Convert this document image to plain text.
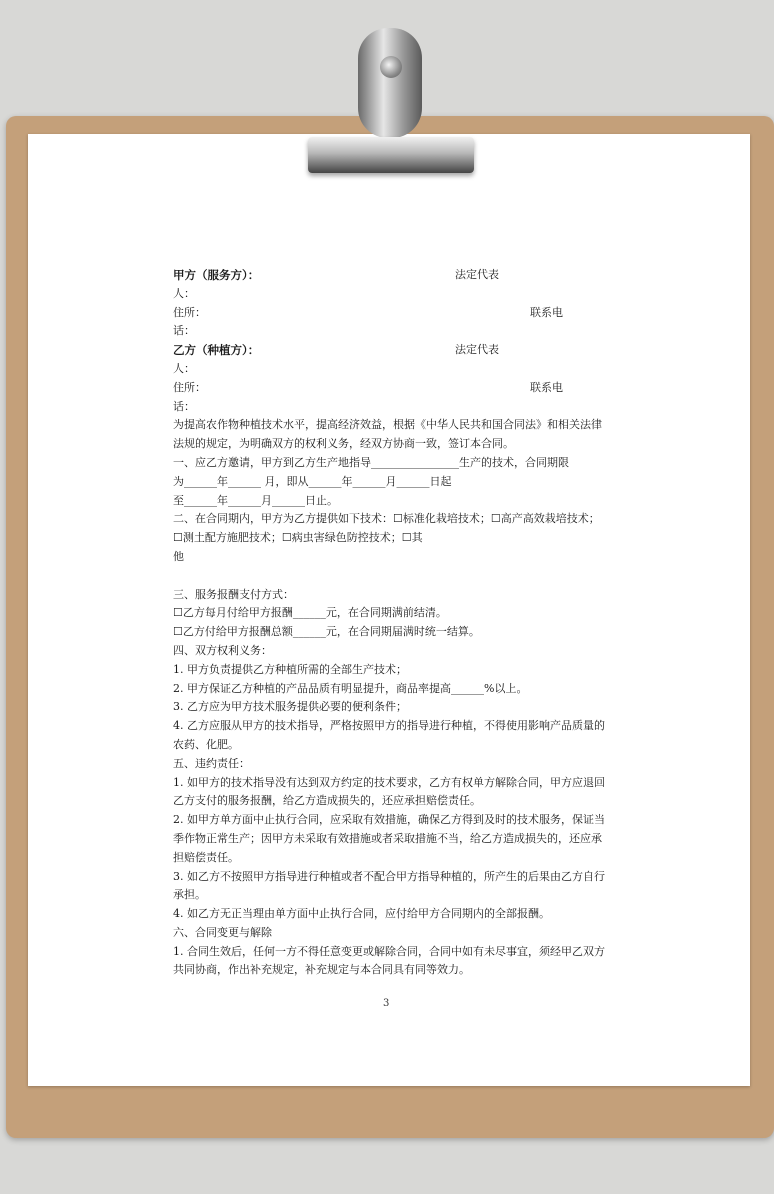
甲方（服务方）：	法定代表
人：
住所：	联系电
话：
乙方（种植方）：	法定代表
人：
住所：	联系电
话：
为提高农作物种植技术水平，提高经济效益，根据《中华人民共和国合同法》和相关法律
法规的规定，为明确双方的权利义务，经双方协商一致，签订本合同。
一、应乙方邀请，甲方到乙方生产地指导________________生产的技术，合同期限
为______年______ 月，即从______年______月______日起
至______年______月______日止。
二、在合同期内，甲方为乙方提供如下技术：☐标准化栽培技术；☐高产高效栽培技术；
☐测土配方施肥技术；☐病虫害绿色防控技术；☐其
他
三、服务报酬支付方式：
☐乙方每月付给甲方报酬______元，在合同期满前结清。
☐乙方付给甲方报酬总额______元，在合同期届满时统一结算。
四、双方权利义务：
1. 甲方负责提供乙方种植所需的全部生产技术；
2. 甲方保证乙方种植的产品品质有明显提升，商品率提高______%以上。
3. 乙方应为甲方技术服务提供必要的便利条件；
4. 乙方应服从甲方的技术指导，严格按照甲方的指导进行种植，不得使用影响产品质量的
农药、化肥。
五、违约责任：
1. 如甲方的技术指导没有达到双方约定的技术要求，乙方有权单方解除合同，甲方应退回
乙方支付的服务报酬，给乙方造成损失的，还应承担赔偿责任。
2. 如甲方单方面中止执行合同，应采取有效措施，确保乙方得到及时的技术服务，保证当
季作物正常生产；因甲方未采取有效措施或者采取措施不当，给乙方造成损失的，还应承
担赔偿责任。
3. 如乙方不按照甲方指导进行种植或者不配合甲方指导种植的，所产生的后果由乙方自行
承担。
4. 如乙方无正当理由单方面中止执行合同，应付给甲方合同期内的全部报酬。
六、合同变更与解除
1. 合同生效后，任何一方不得任意变更或解除合同，合同中如有未尽事宜，须经甲乙双方
共同协商，作出补充规定，补充规定与本合同具有同等效力。
3
